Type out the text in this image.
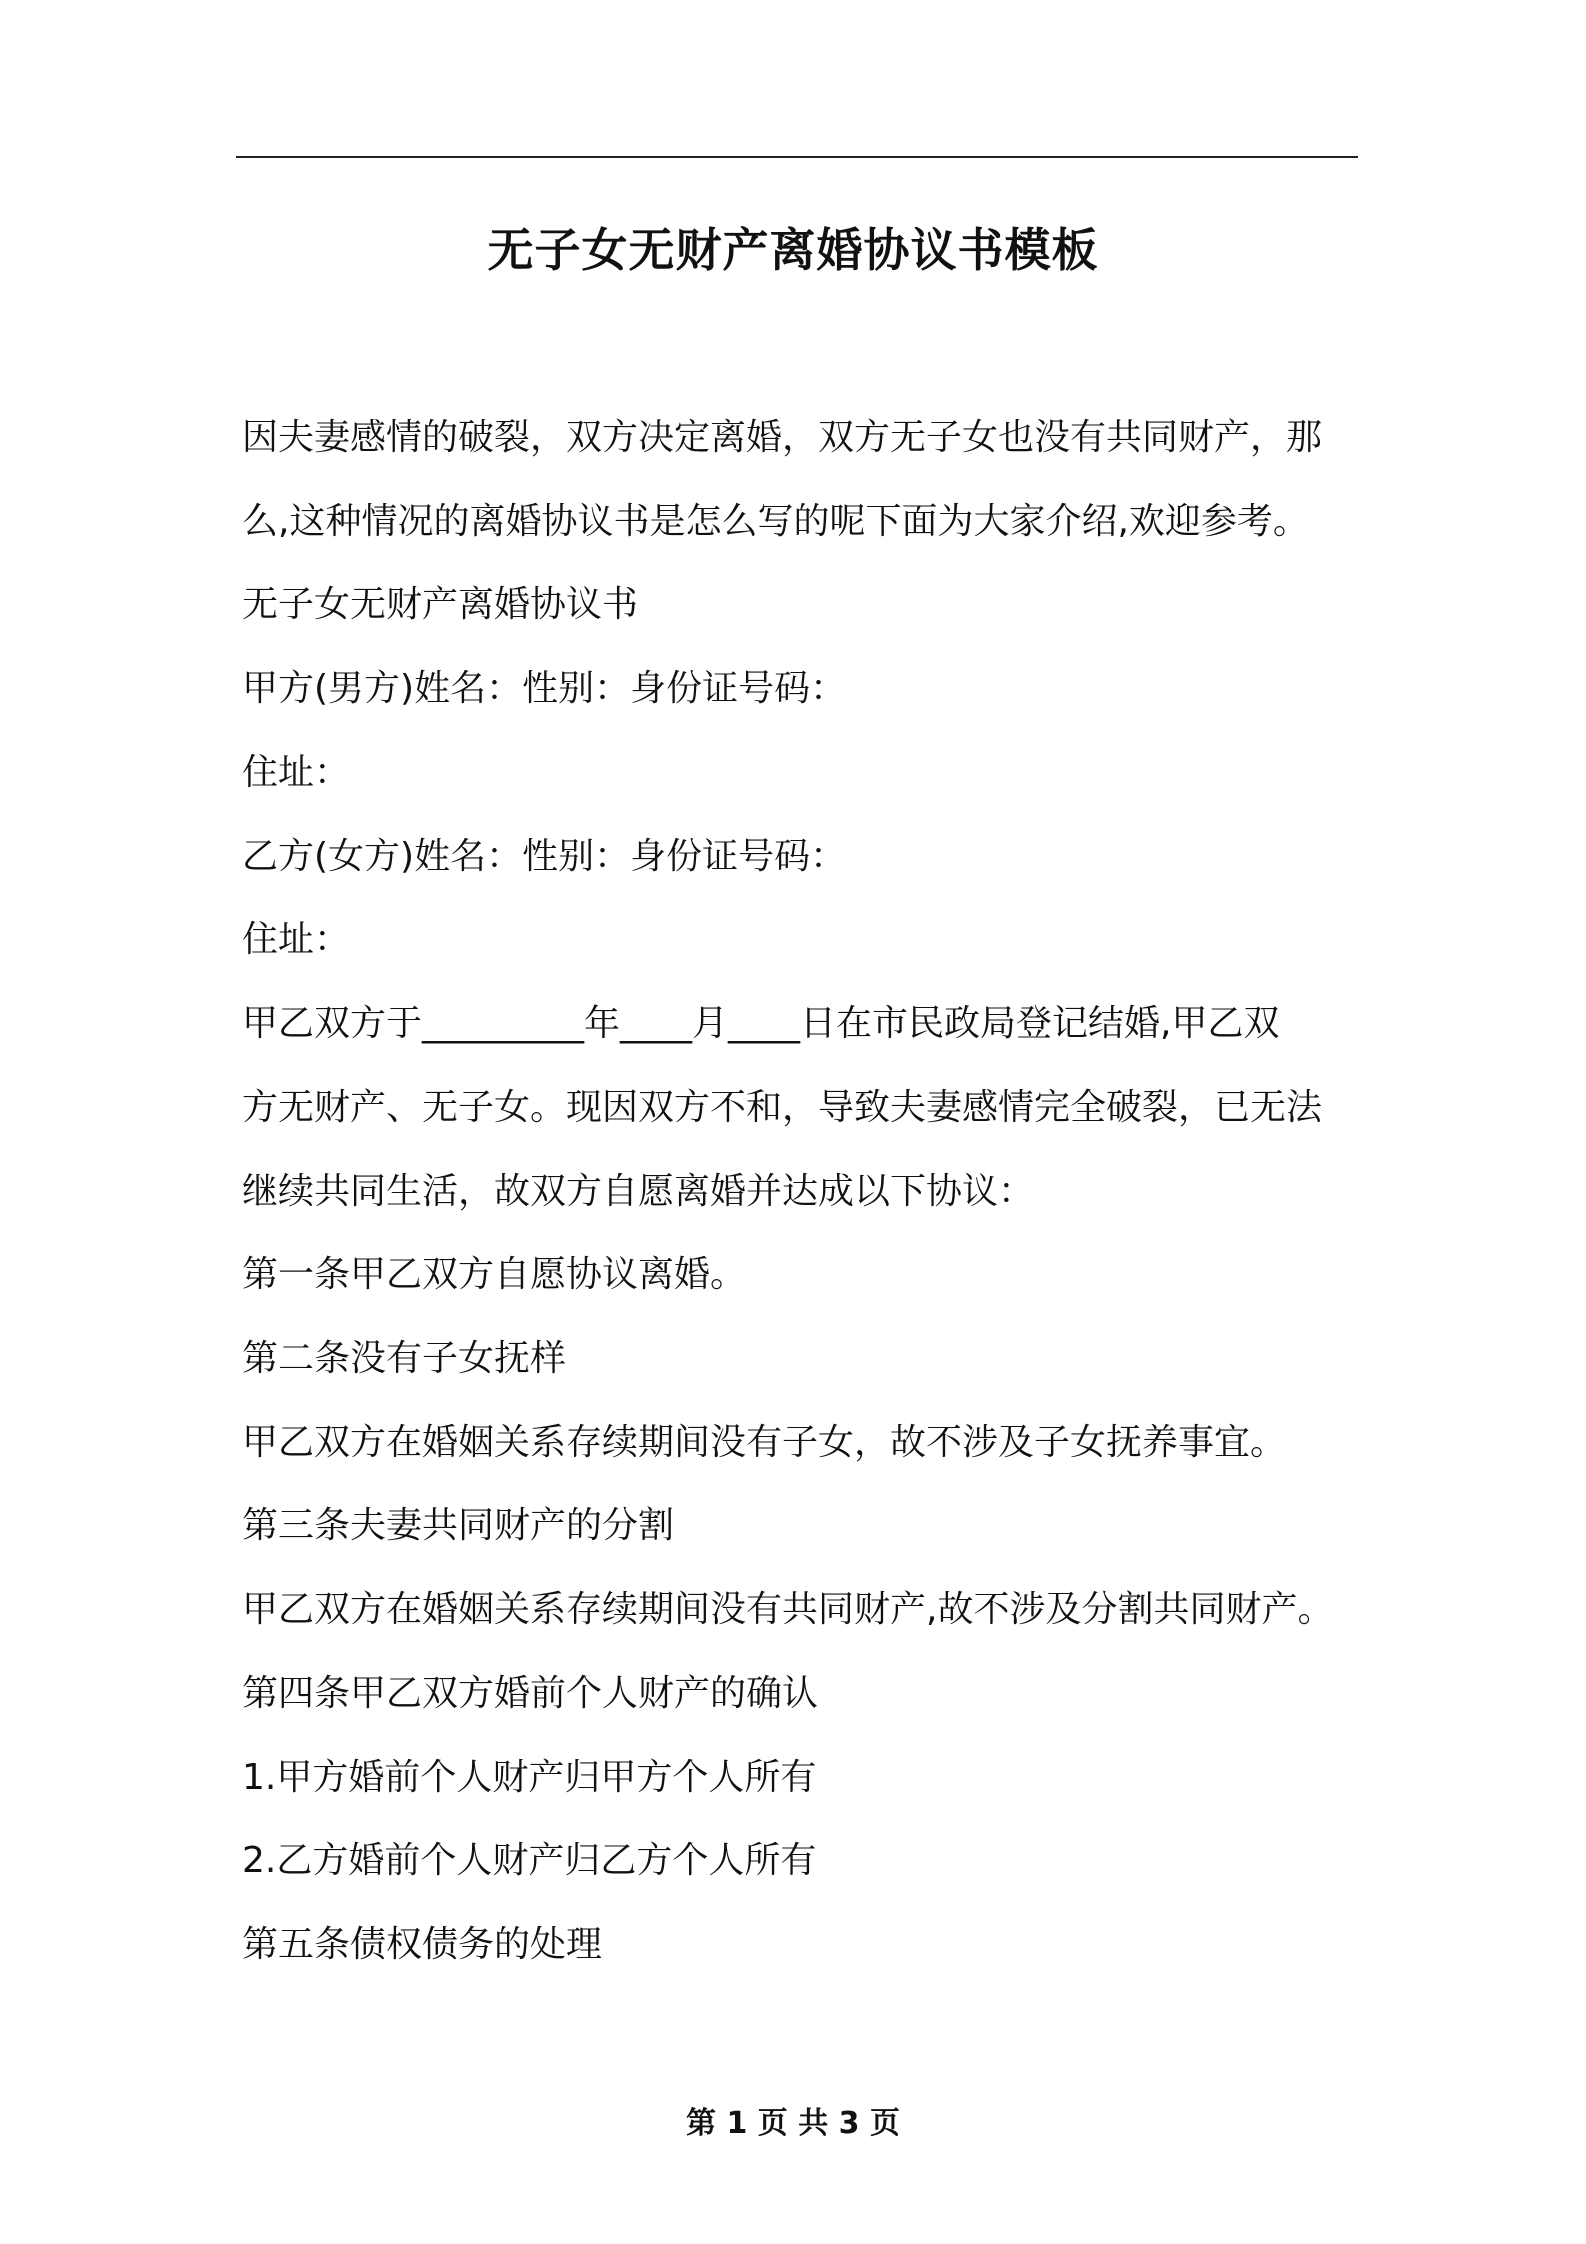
无子女无财产离婚协议书模板
因夫妻感情的破裂，双方决定离婚，双方无子女也没有共同财产，那
么,这种情况的离婚协议书是怎么写的呢下面为大家介绍,欢迎参考。
无子女无财产离婚协议书
甲方(男方)姓名：性别：身份证号码：
住址：
乙方(女方)姓名：性别：身份证号码：
住址：
甲乙双方于_________年____月____日在市民政局登记结婚,甲乙双
方无财产、无子女。现因双方不和，导致夫妻感情完全破裂，已无法
继续共同生活，故双方自愿离婚并达成以下协议：
第一条甲乙双方自愿协议离婚。
第二条没有子女抚样
甲乙双方在婚姻关系存续期间没有子女，故不涉及子女抚养事宜。
第三条夫妻共同财产的分割
甲乙双方在婚姻关系存续期间没有共同财产,故不涉及分割共同财产。
第四条甲乙双方婚前个人财产的确认
1.甲方婚前个人财产归甲方个人所有
2.乙方婚前个人财产归乙方个人所有
第五条债权债务的处理
第 1 页 共 3 页
